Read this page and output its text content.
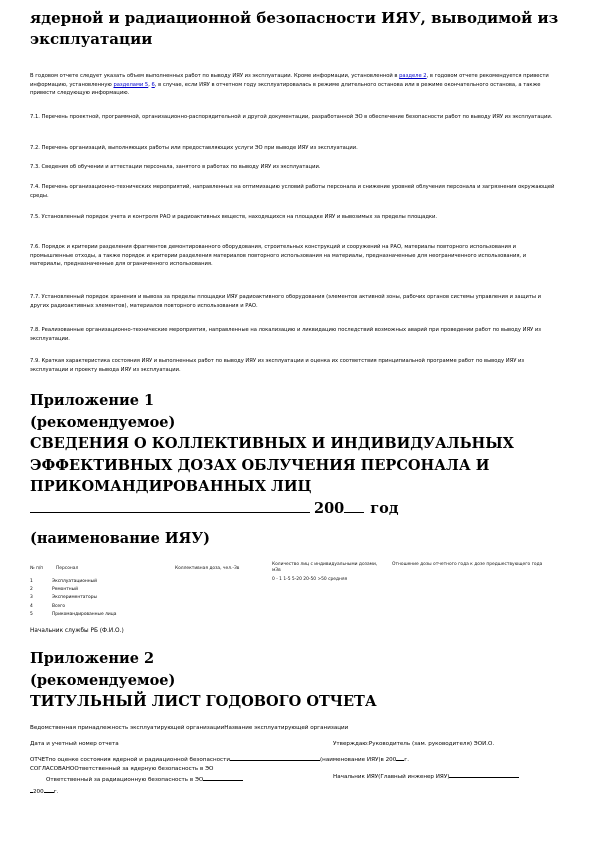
ядерной и радиационной безопасности ИЯУ, выводимой из эксплуатации

В годовом отчете следует указать объем выполненных работ по выводу ИЯУ из эксплуатации. Кроме информации, установленной в разделе 2, в годовом отчете рекомендуется привести информацию, установленную разделами 5, 6, в случае, если ИЯУ в отчетном году эксплуатировалась в режиме длительного останова или в режиме окончательного останова, а также привести следующую информацию.

7.1. Перечень проектной, программной, организационно-распорядительной и другой документации, разработанной ЭО в обеспечение безопасности работ по выводу ИЯУ из эксплуатации.
7.2. Перечень организаций, выполняющих работы или предоставляющих услуги ЭО при выводе ИЯУ из эксплуатации.
7.3. Сведения об обучении и аттестации персонала, занятого в работах по выводу ИЯУ из эксплуатации.
7.4. Перечень организационно-технических мероприятий, направленных на оптимизацию условий работы персонала и снижение уровней облучения персонала и загрязнения окружающей среды.
7.5. Установленный порядок учета и контроля РАО и радиоактивных веществ, находящихся на площадке ИЯУ и вывозимых за пределы площадки.
7.6. Порядок и критерии разделения фрагментов демонтированного оборудования, строительных конструкций и сооружений на РАО, материалы повторного использования и промышленные отходы, а также порядок и критерии разделения материалов повторного использования на материалы, предназначенные для неограниченного использования, и материалы, предназначенные для ограниченного использования.
7.7. Установленный порядок хранения и вывоза за пределы площадки ИЯУ радиоактивного оборудования (элементов активной зоны, рабочих органов системы управления и защиты и других радиоактивных элементов), материалов повторного использования и РАО.
7.8. Реализованные организационно-технические мероприятия, направленные на локализацию и ликвидацию последствий возможных аварий при проведении работ по выводу ИЯУ из эксплуатации.
7.9. Краткая характеристика состояния ИЯУ и выполненных работ по выводу ИЯУ из эксплуатации и оценка их соответствия принципиальной программе работ по выводу ИЯУ из эксплуатации и проекту вывода ИЯУ из эксплуатации.
Приложение 1
(рекомендуемое)
СВЕДЕНИЯ О КОЛЛЕКТИВНЫХ И ИНДИВИДУАЛЬНЫХ
ЭФФЕКТИВНЫХ ДОЗАХ ОБЛУЧЕНИЯ ПЕРСОНАЛА И
ПРИКОМАНДИРОВАННЫХ ЛИЦ
200 год
(наименование ИЯУ)
№ п/п	Персонал	Коллективная доза, чел.-Зв
Количество лиц с индивидуальными дозами, мЗв
0 - 1 1-5 5-20 20-50 >50 средняя
Отношение дозы отчетного года к дозе предшествующего года
1	Эксплуатационный
2	Ремонтный
3	Экспериментаторы
4	Всего
5	Прикомандированные лица
Начальник службы РБ (Ф.И.О.)
Приложение 2
(рекомендуемое)
ТИТУЛЬНЫЙ ЛИСТ ГОДОВОГО ОТЧЕТА
Ведомственная принадлежность эксплуатирующей организацииНазвание эксплуатирующей организации
Дата и учетный номер отчета	Утверждаю:Руководитель (зам. руководителя) ЭОИ.О.
ОТЧЕТпо оценке состояния ядерной и радиационной безопасности	(наименование ИЯУ)в 200 г.
СОГЛАСОВАНООтветственный за ядерную безопасность в ЭО
Ответственный за радиационную безопасность в ЭО	Начальник ИЯУ(Главный инженер ИЯУ)
200 г.
